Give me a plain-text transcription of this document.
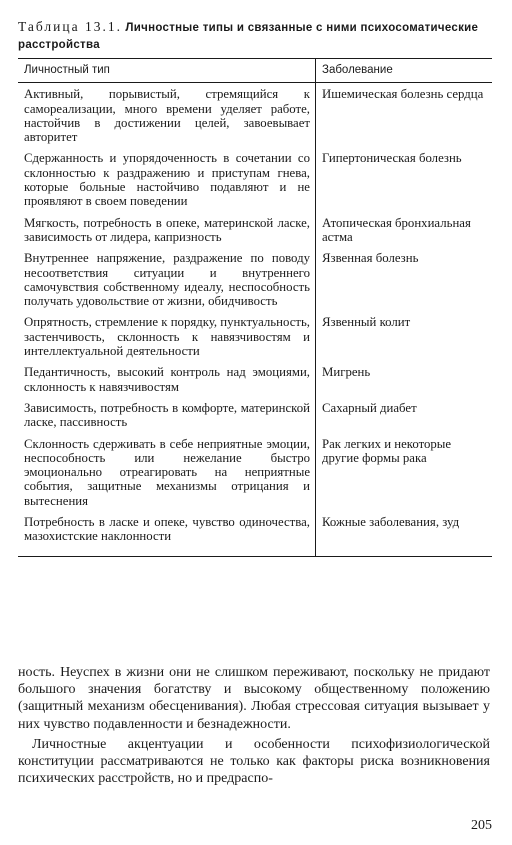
Таблица 13.1. Личностные типы и связанные с ними психосоматические расстройства
Личностный тип	Заболевание
Активный, порывистый, стремящийся к самореализации, много времени уделяет работе, настойчив в достижении целей, завоевывает авторитет	Ишемическая болезнь сердца
Сдержанность и упорядоченность в сочетании со склонностью к раздражению и приступам гнева, которые больные настойчиво подавляют и не проявляют в своем поведении	Гипертоническая болезнь
Мягкость, потребность в опеке, материнской ласке, зависимость от лидера, капризность	Атопическая бронхиальная астма
Внутреннее напряжение, раздражение по поводу несоответствия ситуации и внутреннего самочувствия собственному идеалу, неспособность получать удовольствие от жизни, обидчивость	Язвенная болезнь
Опрятность, стремление к порядку, пунктуальность, застенчивость, склонность к навязчивостям и интеллектуальной деятельности	Язвенный колит
Педантичность, высокий контроль над эмоциями, склонность к навязчивостям	Мигрень
Зависимость, потребность в комфорте, материнской ласке, пассивность	Сахарный диабет
Склонность сдерживать в себе неприятные эмоции, неспособность или нежелание быстро эмоционально отреагировать на неприятные события, защитные механизмы отрицания и вытеснения	Рак легких и некоторые другие формы рака
Потребность в ласке и опеке, чувство одиночества, мазохистские наклонности	Кожные заболевания, зуд

ность. Неуспех в жизни они не слишком переживают, поскольку не придают большого значения богатству и высокому общественному положению (защитный механизм обесценивания). Любая стрессовая ситуация вызывает у них чувство подавленности и безнадежности.

Личностные акцентуации и особенности психофизиологической конституции рассматриваются не только как факторы риска возникновения психических расстройств, но и предраспо-

205
